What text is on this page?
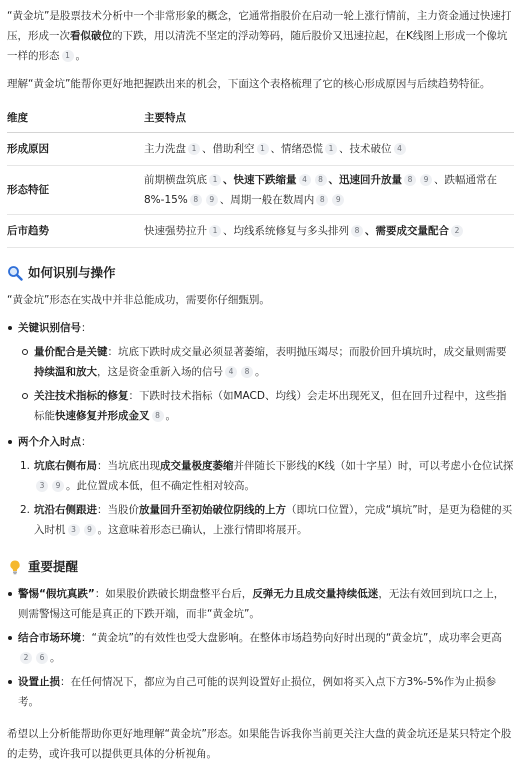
“黄金坑”是股票技术分析中一个非常形象的概念，它通常指股价在启动一轮上涨行情前，主力资金通过快速打压，形成一次看似破位的下跌，用以清洗不坚定的浮动筹码，随后股价又迅速拉起，在K线图上形成一个像坑一样的形态 1 。

理解“黄金坑”能帮你更好地把握跌出来的机会，下面这个表格梳理了它的核心形成原因与后续趋势特征。

维度	主要特点
形成原因	主力洗盘 1 、借助利空 1 、情绪恐慌 1 、技术破位 4
形态特征	前期横盘筑底 1 、快速下跌缩量 4 8 、迅速回升放量 8 9 、跌幅通常在8%-15% 8 9 、周期一般在数周内 8 9
后市趋势	快速强势拉升 1 、均线系统修复与多头排列 8 、需要成交量配合 2
如何识别与操作

“黄金坑”形态在实战中并非总能成功，需要你仔细甄别。

关键识别信号：
量价配合是关键：坑底下跌时成交量必须显著萎缩，表明抛压竭尽；而股价回升填坑时，成交量则需要持续温和放大，这是资金重新入场的信号 4 8 。
关注技术指标的修复：下跌时技术指标（如MACD、均线）会走坏出现死叉，但在回升过程中，这些指标能快速修复并形成金叉 8 。
两个介入时点：
1. 坑底右侧布局：当坑底出现成交量极度萎缩并伴随长下影线的K线（如十字星）时，可以考虑小仓位试探3 9 。此位置成本低，但不确定性相对较高。
2. 坑沿右侧跟进：当股价放量回升至初始破位阴线的上方（即坑口位置），完成“填坑”时，是更为稳健的买入时机 3 9 。这意味着形态已确认，上涨行情即将展开。
重要提醒
警惕“假坑真跌”：如果股价跌破长期盘整平台后，反弹无力且成交量持续低迷，无法有效回到坑口之上，则需警惕这可能是真正的下跌开端，而非“黄金坑”。
结合市场环境：“黄金坑”的有效性也受大盘影响。在整体市场趋势向好时出现的“黄金坑”，成功率会更高2 6 。
设置止损：在任何情况下，都应为自己可能的误判设置好止损位，例如将买入点下方3%-5%作为止损参考。

希望以上分析能帮助你更好地理解“黄金坑”形态。如果能告诉我你当前更关注大盘的黄金坑还是某只特定个股的走势，或许我可以提供更具体的分析视角。
